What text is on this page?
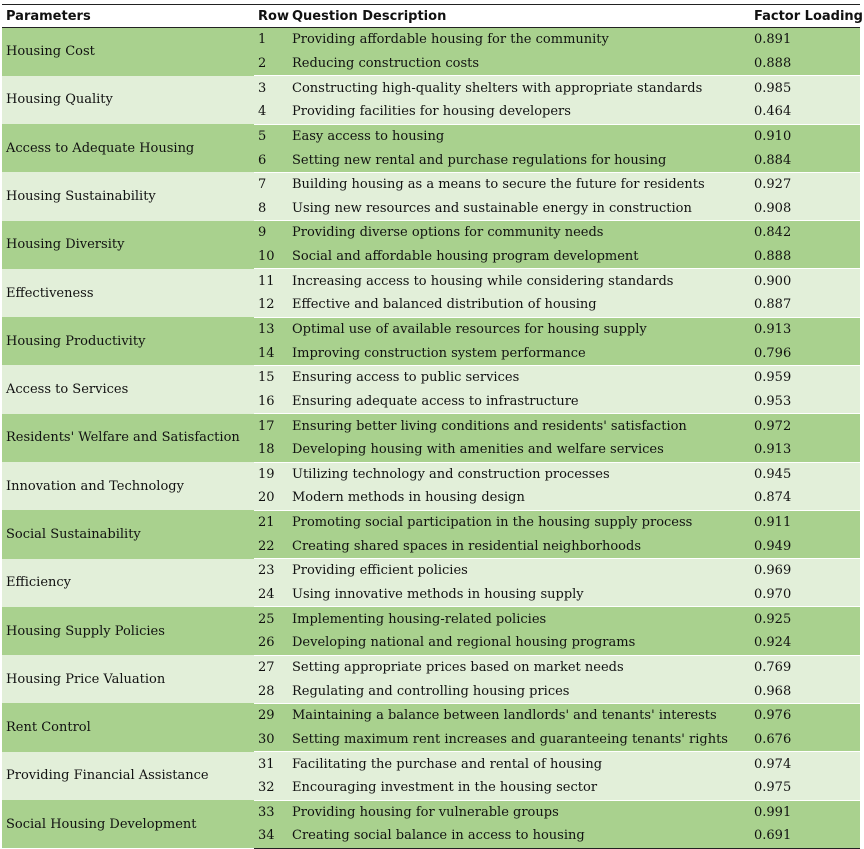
Parameters	Row	Question Description	Factor Loading
Housing Cost	1	Providing affordable housing for the community	0.891
	2	Reducing construction costs	0.888
Housing Quality	3	Constructing high-quality shelters with appropriate standards	0.985
	4	Providing facilities for housing developers	0.464
Access to Adequate Housing	5	Easy access to housing	0.910
	6	Setting new rental and purchase regulations for housing	0.884
Housing Sustainability	7	Building housing as a means to secure the future for residents	0.927
	8	Using new resources and sustainable energy in construction	0.908
Housing Diversity	9	Providing diverse options for community needs	0.842
	10	Social and affordable housing program development	0.888
Effectiveness	11	Increasing access to housing while considering standards	0.900
	12	Effective and balanced distribution of housing	0.887
Housing Productivity	13	Optimal use of available resources for housing supply	0.913
	14	Improving construction system performance	0.796
Access to Services	15	Ensuring access to public services	0.959
	16	Ensuring adequate access to infrastructure	0.953
Residents' Welfare and Satisfaction	17	Ensuring better living conditions and residents' satisfaction	0.972
	18	Developing housing with amenities and welfare services	0.913
Innovation and Technology	19	Utilizing technology and construction processes	0.945
	20	Modern methods in housing design	0.874
Social Sustainability	21	Promoting social participation in the housing supply process	0.911
	22	Creating shared spaces in residential neighborhoods	0.949
Efficiency	23	Providing efficient policies	0.969
	24	Using innovative methods in housing supply	0.970
Housing Supply Policies	25	Implementing housing-related policies	0.925
	26	Developing national and regional housing programs	0.924
Housing Price Valuation	27	Setting appropriate prices based on market needs	0.769
	28	Regulating and controlling housing prices	0.968
Rent Control	29	Maintaining a balance between landlords' and tenants' interests	0.976
	30	Setting maximum rent increases and guaranteeing tenants' rights	0.676
Providing Financial Assistance	31	Facilitating the purchase and rental of housing	0.974
	32	Encouraging investment in the housing sector	0.975
Social Housing Development	33	Providing housing for vulnerable groups	0.991
	34	Creating social balance in access to housing	0.691
